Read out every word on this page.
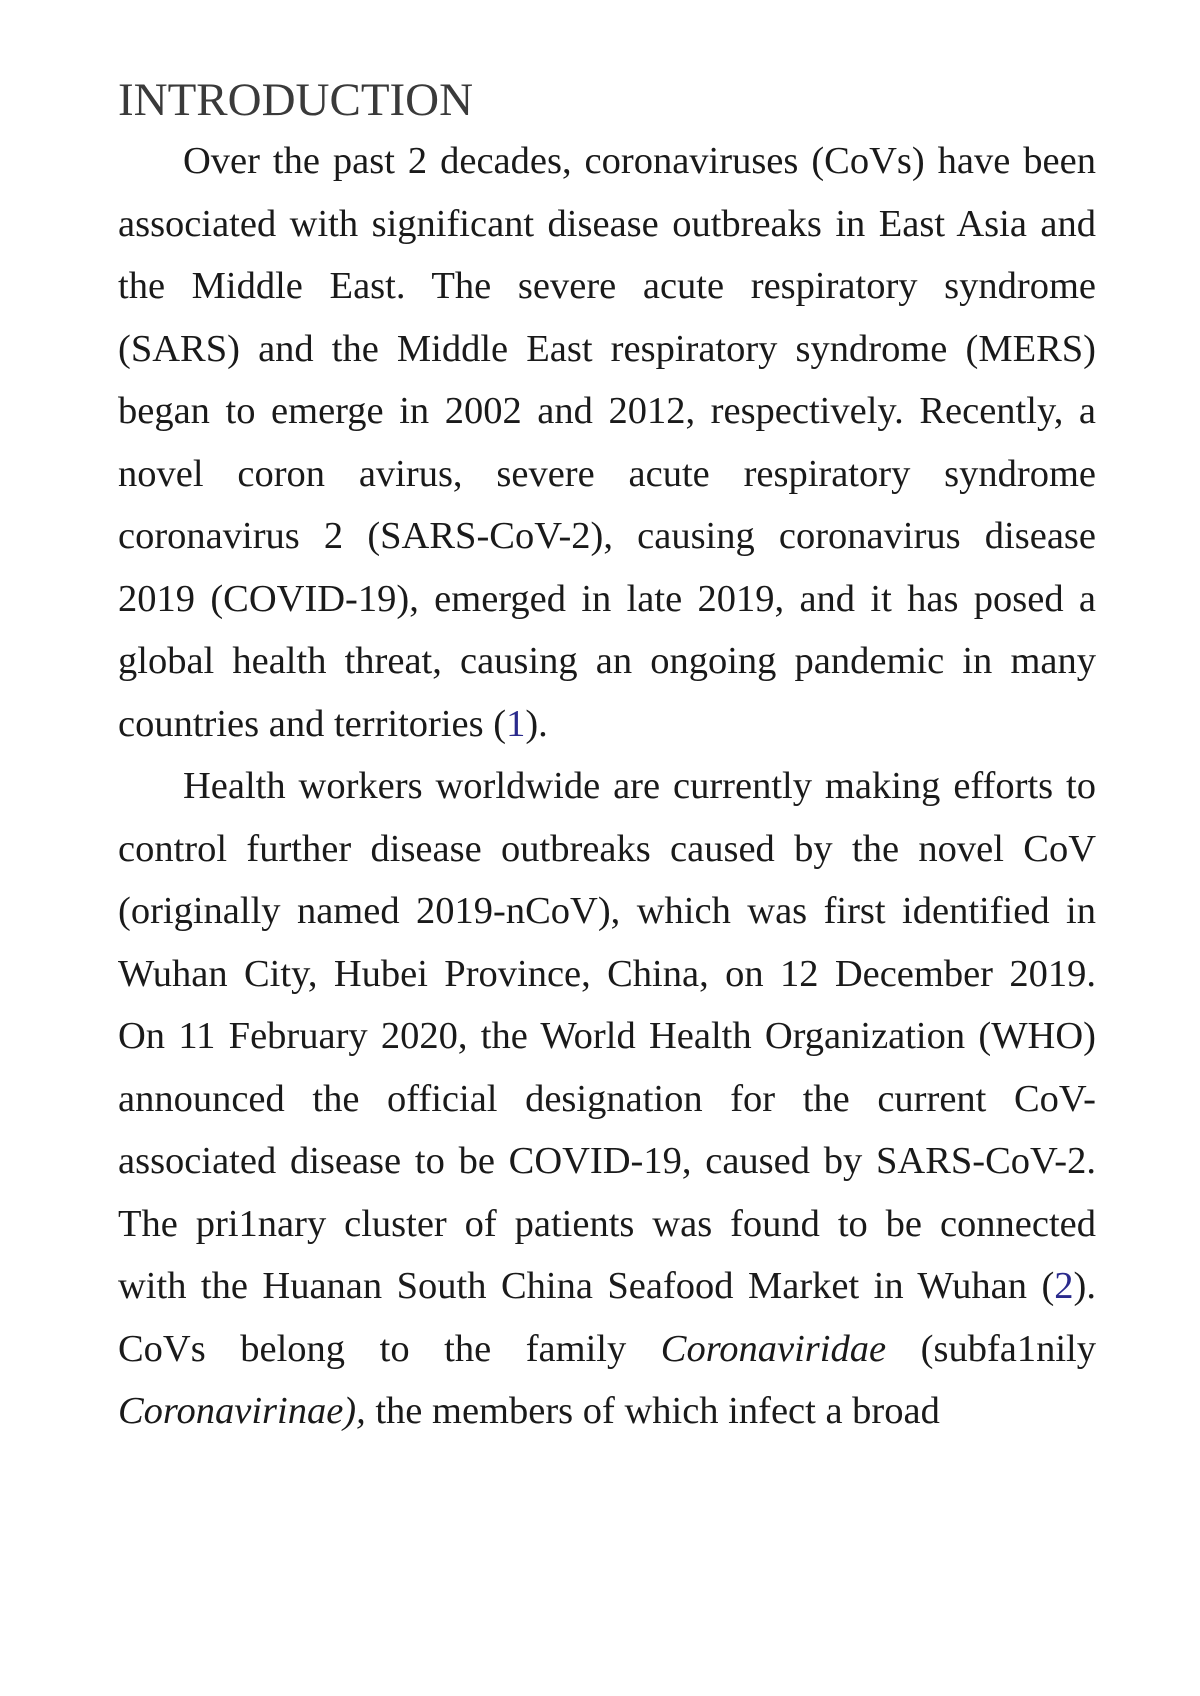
INTRODUCTION

Over the past 2 decades, coronaviruses (CoVs) have been associated with significant disease outbreaks in East Asia and the Middle East. The severe acute respiratory syndrome (SARS) and the Middle East respiratory syndrome (MERS) began to emerge in 2002 and 2012, respectively. Recently, a novel coron avirus, severe acute respiratory syndrome coronavirus 2 (SARS-CoV-2), causing coronavirus disease 2019 (COVID-19), emerged in late 2019, and it has posed a global health threat, causing an ongoing pandemic in many countries and territories (1).

Health workers worldwide are currently making efforts to control further disease outbreaks caused by the novel CoV (originally named 2019-nCoV), which was first identified in Wuhan City, Hubei Province, China, on 12 December 2019. On 11 February 2020, the World Health Organization (WHO) announced the official designation for the current CoV-associated disease to be COVID-19, caused by SARS-CoV-2. The pri1nary cluster of patients was found to be connected with the Huanan South China Seafood Market in Wuhan (2). CoVs belong to the family Coronaviridae (subfa1nily Coronavirinae), the members of which infect a broad
